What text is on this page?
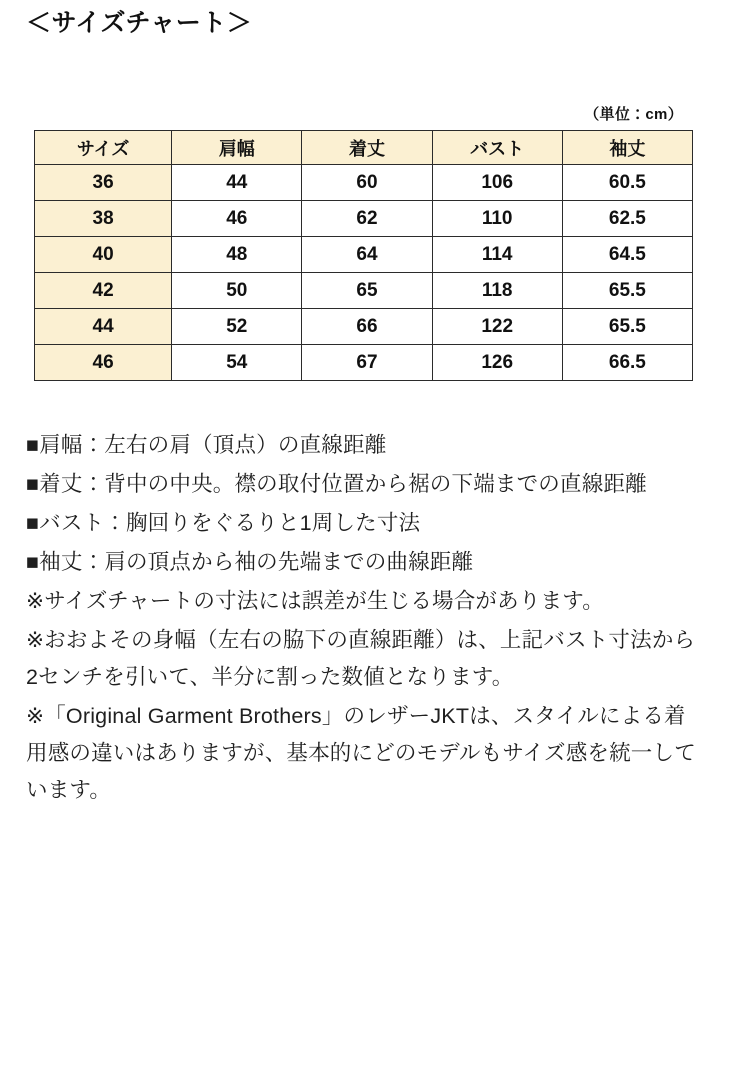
＜サイズチャート＞
（単位：cm）
サイズ	肩幅	着丈	バスト	袖丈
36	44	60	106	60.5
38	46	62	110	62.5
40	48	64	114	64.5
42	50	65	118	65.5
44	52	66	122	65.5
46	54	67	126	66.5

■肩幅：左右の肩（頂点）の直線距離

■着丈：背中の中央。襟の取付位置から裾の下端までの直線距離

■バスト：胸回りをぐるりと1周した寸法

■袖丈：肩の頂点から袖の先端までの曲線距離

※サイズチャートの寸法には誤差が生じる場合があります。

※おおよその身幅（左右の脇下の直線距離）は、上記バスト寸法から2センチを引いて、半分に割った数値となります。

※「Original Garment Brothers」のレザーJKTは、スタイルによる着用感の違いはありますが、基本的にどのモデルもサイズ感を統一しています。
